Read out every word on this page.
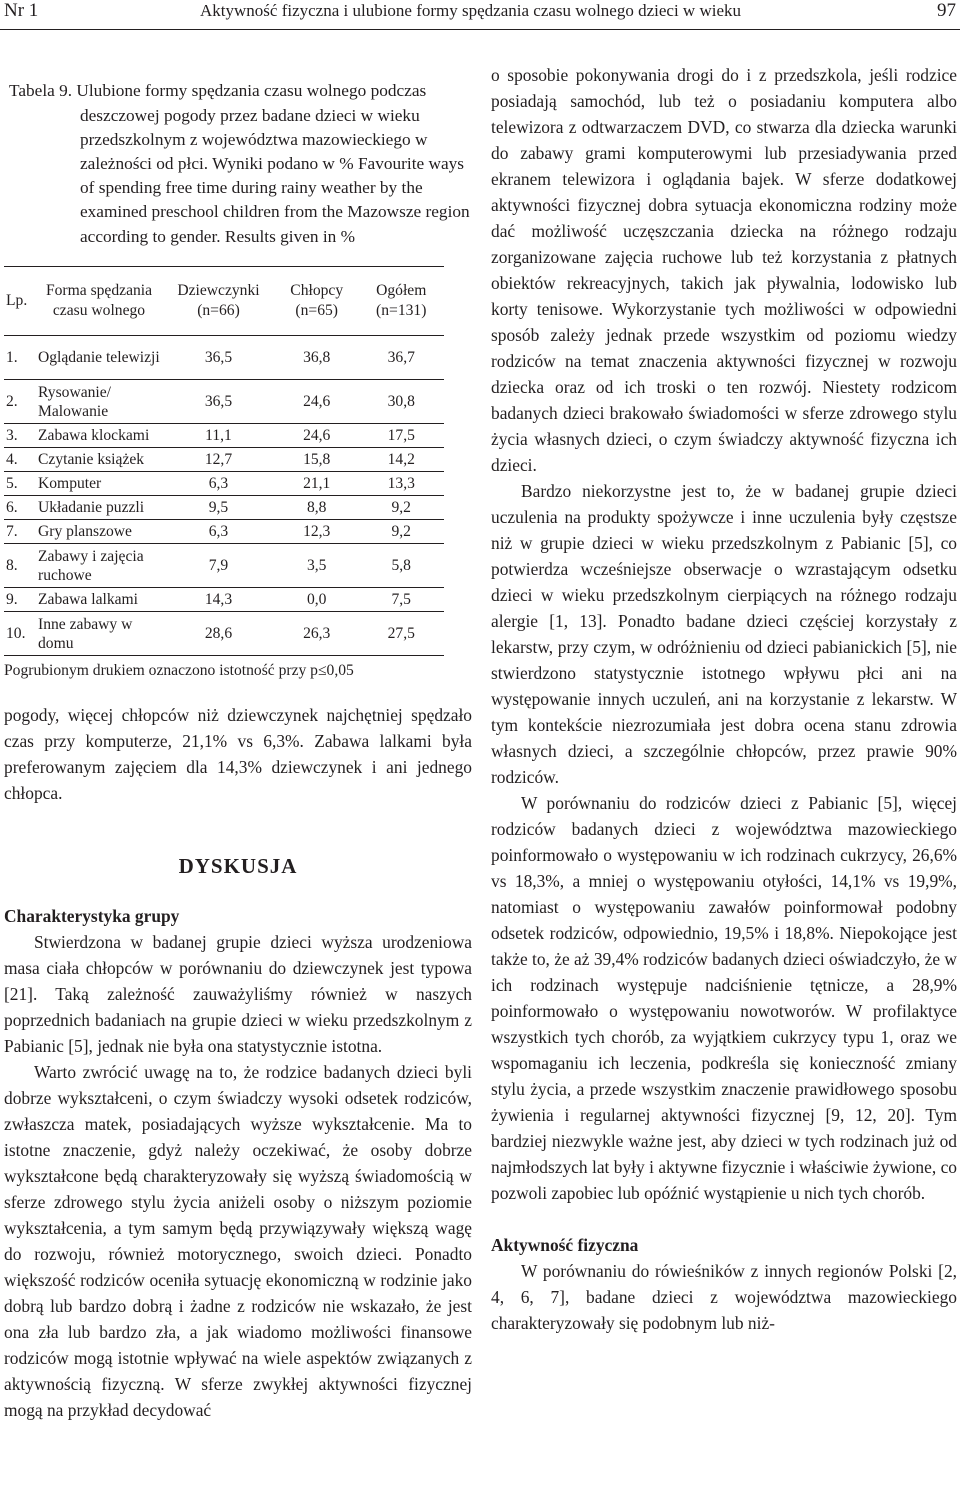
Nr 1	Aktywność fizyczna i ulubione formy spędzania czasu wolnego dzieci w wieku	97

Tabela 9. Ulubione formy spędzania czasu wolnego podczas deszczowej pogody przez badane dzieci w wieku przedszkolnym z województwa mazowieckiego w zależności od płci. Wyniki podano w % Favourite ways of spending free time during rainy weather by the examined preschool children from the Mazowsze region according to gender. Results given in %

Lp.	Forma spędzania czasu wolnego	Dziewczynki (n=66)	Chłopcy (n=65)	Ogółem (n=131)
1.	Oglądanie telewizji	36,5	36,8	36,7
2.	Rysowanie/ Malowanie	36,5	24,6	30,8
3.	Zabawa klockami	11,1	24,6	17,5
4.	Czytanie książek	12,7	15,8	14,2
5.	Komputer	6,3	21,1	13,3
6.	Układanie puzzli	9,5	8,8	9,2
7.	Gry planszowe	6,3	12,3	9,2
8.	Zabawy i zajęcia ruchowe	7,9	3,5	5,8
9.	Zabawa lalkami	14,3	0,0	7,5
10.	Inne zabawy w domu	28,6	26,3	27,5
Pogrubionym drukiem oznaczono istotność przy p≤0,05

pogody, więcej chłopców niż dziewczynek najchętniej spędzało czas przy komputerze, 21,1% vs 6,3%. Zabawa lalkami była preferowanym zajęciem dla 14,3% dziewczynek i ani jednego chłopca.

DYSKUSJA
Charakterystyka grupy

Stwierdzona w badanej grupie dzieci wyższa urodzeniowa masa ciała chłopców w porównaniu do dziewczynek jest typowa [21]. Taką zależność zauważyliśmy również w naszych poprzednich badaniach na grupie dzieci w wieku przedszkolnym z Pabianic [5], jednak nie była ona statystycznie istotna.

Warto zwrócić uwagę na to, że rodzice badanych dzieci byli dobrze wykształceni, o czym świadczy wysoki odsetek rodziców, zwłaszcza matek, posiadających wyższe wykształcenie. Ma to istotne znaczenie, gdyż należy oczekiwać, że osoby dobrze wykształcone będą charakteryzowały się wyższą świadomością w sferze zdrowego stylu życia aniżeli osoby o niższym poziomie wykształcenia, a tym samym będą przywiązywały większą wagę do rozwoju, również motorycznego, swoich dzieci. Ponadto większość rodziców oceniła sytuację ekonomiczną w rodzinie jako dobrą lub bardzo dobrą i żadne z rodziców nie wskazało, że jest ona zła lub bardzo zła, a jak wiadomo możliwości finansowe rodziców mogą istotnie wpływać na wiele aspektów związanych z aktywnością fizyczną. W sferze zwykłej aktywności fizycznej mogą na przykład decydować

o sposobie pokonywania drogi do i z przedszkola, jeśli rodzice posiadają samochód, lub też o posiadaniu komputera albo telewizora z odtwarzaczem DVD, co stwarza dla dziecka warunki do zabawy grami komputerowymi lub przesiadywania przed ekranem telewizora i oglądania bajek. W sferze dodatkowej aktywności fizycznej dobra sytuacja ekonomiczna rodziny może dać możliwość uczęszczania dziecka na różnego rodzaju zorganizowane zajęcia ruchowe lub też korzystania z płatnych obiektów rekreacyjnych, takich jak pływalnia, lodowisko lub korty tenisowe. Wykorzystanie tych możliwości w odpowiedni sposób zależy jednak przede wszystkim od poziomu wiedzy rodziców na temat znaczenia aktywności fizycznej w rozwoju dziecka oraz od ich troski o ten rozwój. Niestety rodzicom badanych dzieci brakowało świadomości w sferze zdrowego stylu życia własnych dzieci, o czym świadczy aktywność fizyczna ich dzieci.

Bardzo niekorzystne jest to, że w badanej grupie dzieci uczulenia na produkty spożywcze i inne uczulenia były częstsze niż w grupie dzieci w wieku przedszkolnym z Pabianic [5], co potwierdza wcześniejsze obserwacje o wzrastającym odsetku dzieci w wieku przedszkolnym cierpiących na różnego rodzaju alergie [1, 13]. Ponadto badane dzieci częściej korzystały z lekarstw, przy czym, w odróżnieniu od dzieci pabianickich [5], nie stwierdzono statystycznie istotnego wpływu płci ani na występowanie innych uczuleń, ani na korzystanie z lekarstw. W tym kontekście niezrozumiała jest dobra ocena stanu zdrowia własnych dzieci, a szczególnie chłopców, przez prawie 90% rodziców.

W porównaniu do rodziców dzieci z Pabianic [5], więcej rodziców badanych dzieci z województwa mazowieckiego poinformowało o występowaniu w ich rodzinach cukrzycy, 26,6% vs 18,3%, a mniej o występowaniu otyłości, 14,1% vs 19,9%, natomiast o występowaniu zawałów poinformował podobny odsetek rodziców, odpowiednio, 19,5% i 18,8%. Niepokojące jest także to, że aż 39,4% rodziców badanych dzieci oświadczyło, że w ich rodzinach występuje nadciśnienie tętnicze, a 28,9% poinformowało o występowaniu nowotworów. W profilaktyce wszystkich tych chorób, za wyjątkiem cukrzycy typu 1, oraz we wspomaganiu ich leczenia, podkreśla się konieczność zmiany stylu życia, a przede wszystkim znaczenie prawidłowego sposobu żywienia i regularnej aktywności fizycznej [9, 12, 20]. Tym bardziej niezwykle ważne jest, aby dzieci w tych rodzinach już od najmłodszych lat były i aktywne fizycznie i właściwie żywione, co pozwoli zapobiec lub opóźnić wystąpienie u nich tych chorób.

Aktywność fizyczna

W porównaniu do rówieśników z innych regionów Polski [2, 4, 6, 7], badane dzieci z województwa mazowieckiego charakteryzowały się podobnym lub niż-
